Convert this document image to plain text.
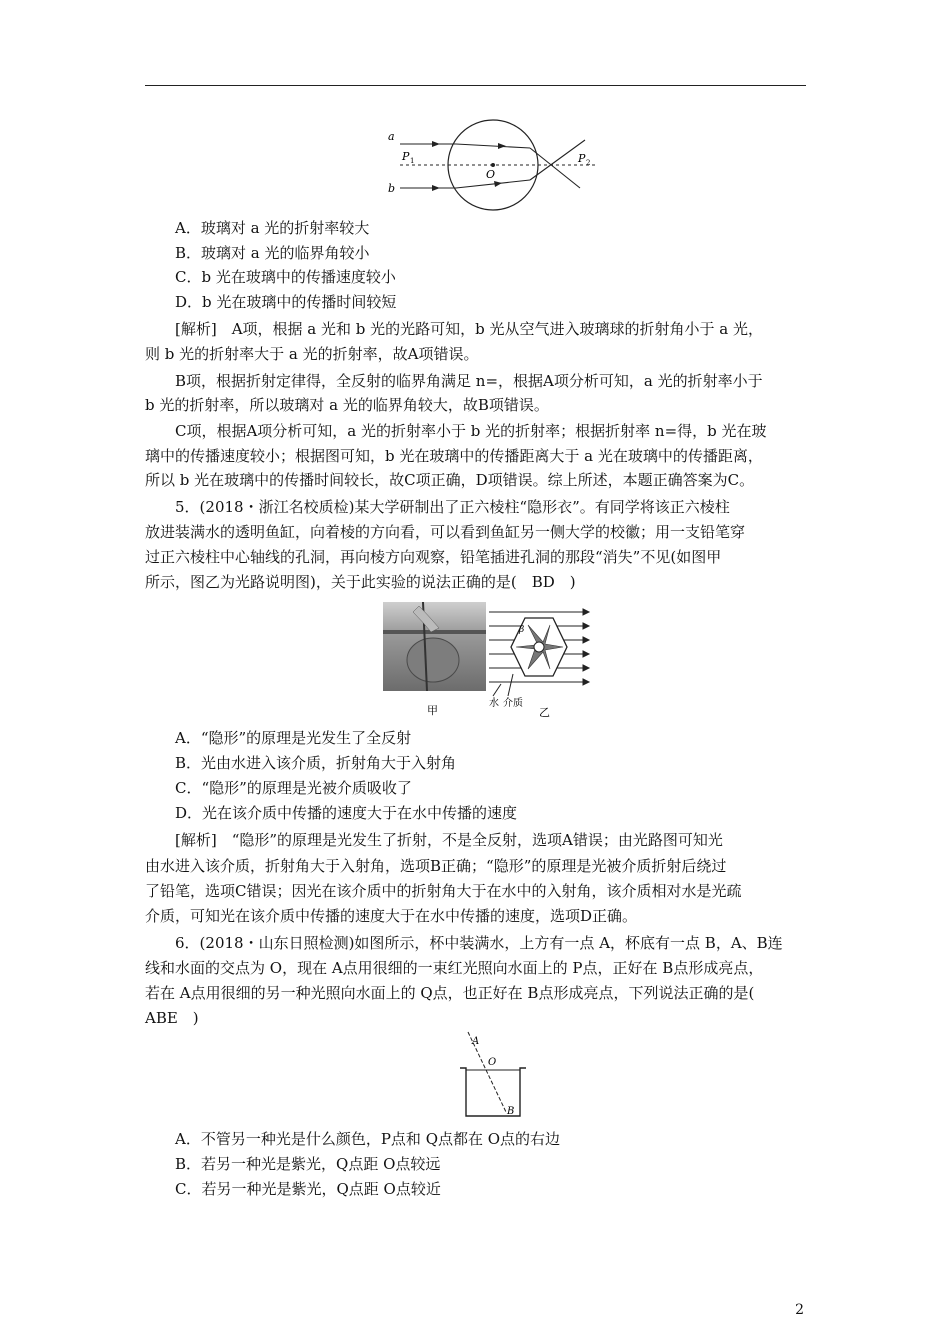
a
b
P 1
O
P 2
A．玻璃对 a 光的折射率较大
B．玻璃对 a 光的临界角较小
C．b 光在玻璃中的传播速度较小
D．b 光在玻璃中的传播时间较短
[解析]　A项，根据 a 光和 b 光的光路可知，b 光从空气进入玻璃球的折射角小于 a 光，
则 b 光的折射率大于 a 光的折射率，故A项错误。
B项，根据折射定律得，全反射的临界角满足 n=，根据A项分析可知，a 光的折射率小于
b 光的折射率，所以玻璃对 a 光的临界角较大，故B项错误。
C项，根据A项分析可知，a 光的折射率小于 b 光的折射率；根据折射率 n=得，b 光在玻
璃中的传播速度较小；根据图可知，b 光在玻璃中的传播距离大于 a 光在玻璃中的传播距离，
所以 b 光在玻璃中的传播时间较长，故C项正确，D项错误。综上所述，本题正确答案为C。
5．(2018・浙江名校质检)某大学研制出了正六棱柱“隐形衣”。有同学将该正六棱柱
放进装满水的透明鱼缸，向着棱的方向看，可以看到鱼缸另一侧大学的校徽；用一支铅笔穿
过正六棱柱中心轴线的孔洞，再向棱方向观察，铅笔插进孔洞的那段“消失”不见(如图甲
所示，图乙为光路说明图)，关于此实验的说法正确的是(　BD　)
β
水 介质
甲	乙
A．“隐形”的原理是光发生了全反射
B．光由水进入该介质，折射角大于入射角
C．“隐形”的原理是光被介质吸收了
D．光在该介质中传播的速度大于在水中传播的速度
[解析]　“隐形”的原理是光发生了折射，不是全反射，选项A错误；由光路图可知光
由水进入该介质，折射角大于入射角，选项B正确；“隐形”的原理是光被介质折射后绕过
了铅笔，选项C错误；因光在该介质中的折射角大于在水中的入射角，该介质相对水是光疏
介质，可知光在该介质中传播的速度大于在水中传播的速度，选项D正确。
6．(2018・山东日照检测)如图所示，杯中装满水，上方有一点 A，杯底有一点 B，A、B连
线和水面的交点为 O，现在 A点用很细的一束红光照向水面上的 P点，正好在 B点形成亮点，
若在 A点用很细的另一种光照向水面上的 Q点，也正好在 B点形成亮点，下列说法正确的是(
ABE　)
A
O
B
A．不管另一种光是什么颜色，P点和 Q点都在 O点的右边
B．若另一种光是紫光，Q点距 O点较远
C．若另一种光是紫光，Q点距 O点较近
2
